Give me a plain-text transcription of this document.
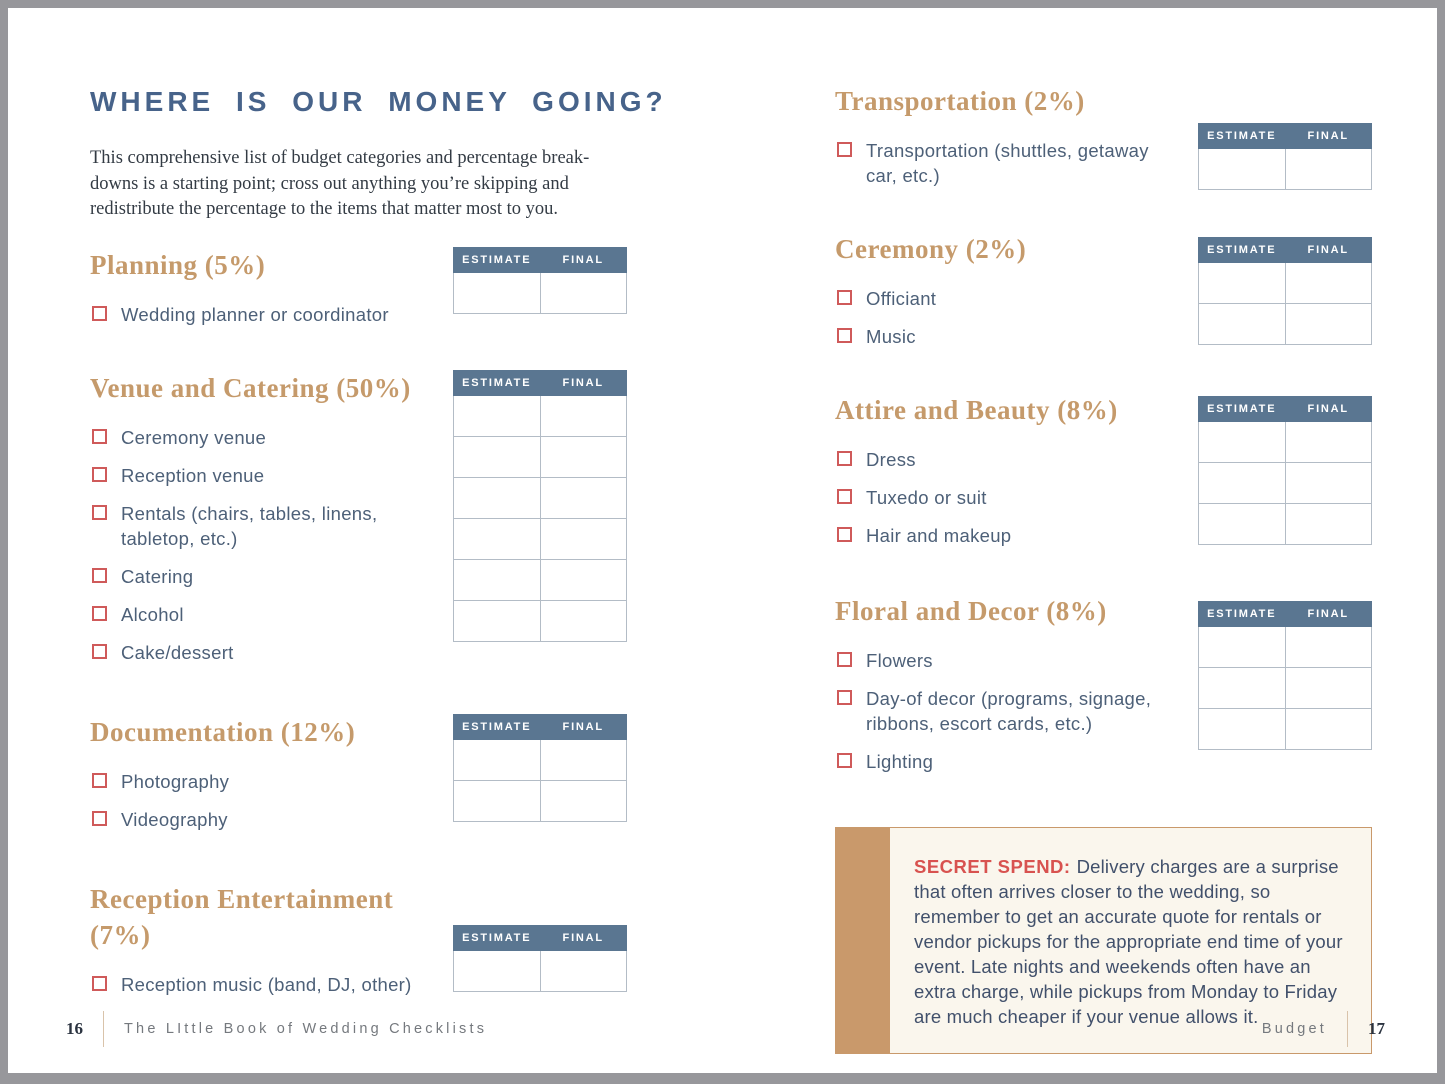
WHERE IS OUR MONEY GOING?

This comprehensive list of budget categories and percentage break-downs is a starting point; cross out anything you’re skipping and redistribute the percentage to the items that matter most to you.

Planning (5%)
Wedding planner or coordinator
ESTIMATE	FINAL

Venue and Catering (50%)
Ceremony venue
Reception venue
Rentals (chairs, tables, linens, tabletop, etc.)
Catering
Alcohol
Cake/dessert
ESTIMATE	FINAL

Documentation (12%)
Photography
Videography
ESTIMATE	FINAL

Reception Entertainment (7%)
Reception music (band, DJ, other)
ESTIMATE	FINAL

Transportation (2%)
Transportation (shuttles, getaway car, etc.)
ESTIMATE	FINAL

Ceremony (2%)
Officiant
Music
ESTIMATE	FINAL

Attire and Beauty (8%)
Dress
Tuxedo or suit
Hair and makeup
ESTIMATE	FINAL

Floral and Decor (8%)
Flowers
Day-of decor (programs, signage, ribbons, escort cards, etc.)
Lighting
ESTIMATE	FINAL

SECRET SPEND: Delivery charges are a surprise that often arrives closer to the wedding, so remember to get an accurate quote for rentals or vendor pickups for the appropriate end time of your event. Late nights and weekends often have an extra charge, while pickups from Monday to Friday are much cheaper if your venue allows it.
16	The LIttle Book of Wedding Checklists	Budget 17
